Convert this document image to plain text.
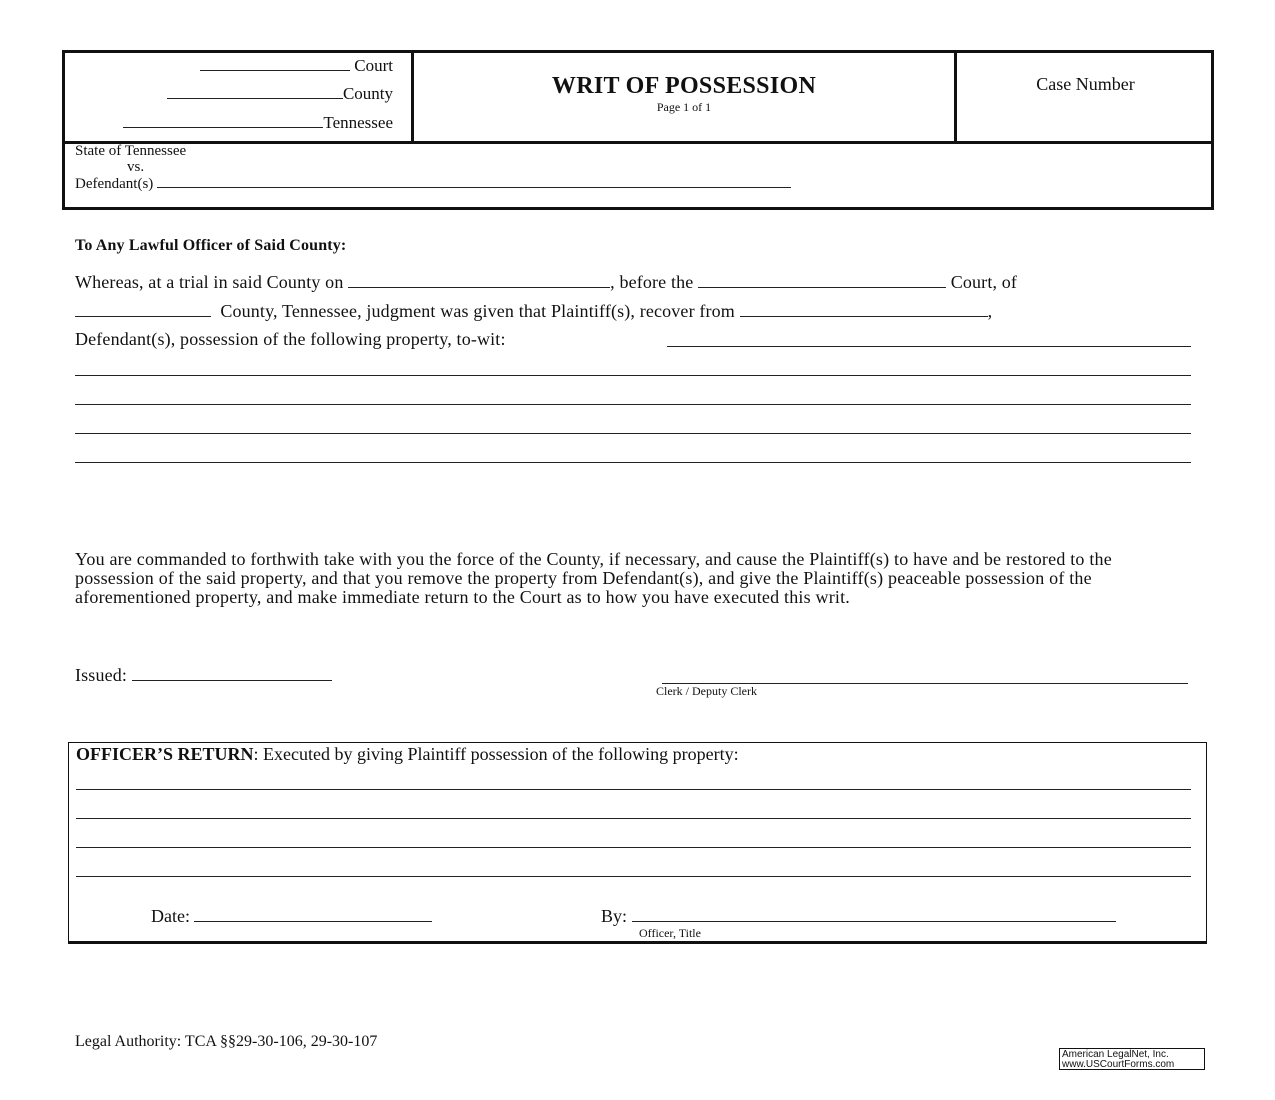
Court
County
Tennessee
WRIT OF POSSESSION
Page 1 of 1
Case Number
State of Tennessee
vs.
Defendant(s)
To Any Lawful Officer of Said County:
Whereas, at a trial in said County on	, before the	Court, of
County, Tennessee, judgment was given that Plaintiff(s), recover from	,
Defendant(s), possession of the following property, to-wit:
You are commanded to forthwith take with you the force of the County, if necessary, and cause the Plaintiff(s) to have and be restored to the possession of the said property, and that you remove the property from Defendant(s), and give the Plaintiff(s) peaceable possession of the aforementioned property, and make immediate return to the Court as to how you have executed this writ.
Issued:
Clerk / Deputy Clerk
OFFICER’S RETURN: Executed by giving Plaintiff possession of the following property:
Date:	By:
Officer, Title
Legal Authority: TCA §§29-30-106, 29-30-107
American LegalNet, Inc.
www.USCourtForms.com
